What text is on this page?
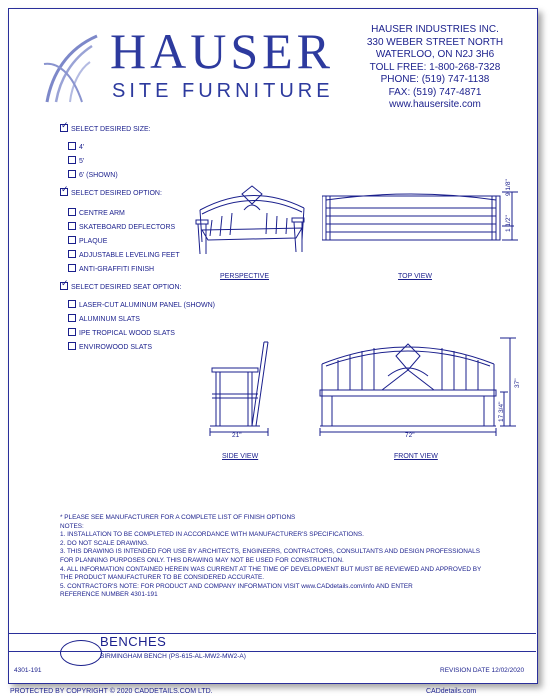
HAUSER
SITE FURNITURE
HAUSER INDUSTRIES INC.
330 WEBER STREET NORTH
WATERLOO, ON N2J 3H6
TOLL FREE: 1-800-268-7328
PHONE: (519) 747-1138
FAX: (519) 747-4871
www.hausersite.com
✓ SELECT DESIRED SIZE:
4'
5'
6' (SHOWN)
✓ SELECT DESIRED OPTION:
CENTRE ARM
SKATEBOARD DEFLECTORS
PLAQUE
ADJUSTABLE LEVELING FEET
ANTI-GRAFFITI FINISH
✓ SELECT DESIRED SEAT OPTION:
LASER-CUT ALUMINUM PANEL (SHOWN)
ALUMINUM SLATS
IPE TROPICAL WOOD SLATS
ENVIROWOOD SLATS
PERSPECTIVE
9 1/8"
1 1/2"
TOP VIEW
21"
SIDE VIEW
72"
37"
17 3/4"
FRONT VIEW
* PLEASE SEE MANUFACTURER FOR A COMPLETE LIST OF FINISH OPTIONS
NOTES:
1. INSTALLATION TO BE COMPLETED IN ACCORDANCE WITH MANUFACTURER'S SPECIFICATIONS.
2. DO NOT SCALE DRAWING.
3. THIS DRAWING IS INTENDED FOR USE BY ARCHITECTS, ENGINEERS, CONTRACTORS, CONSULTANTS AND DESIGN PROFESSIONALS
FOR PLANNING PURPOSES ONLY. THIS DRAWING MAY NOT BE USED FOR CONSTRUCTION.
4. ALL INFORMATION CONTAINED HEREIN WAS CURRENT AT THE TIME OF DEVELOPMENT BUT MUST BE REVIEWED AND APPROVED BY
THE PRODUCT MANUFACTURER TO BE CONSIDERED ACCURATE.
5. CONTRACTOR'S NOTE: FOR PRODUCT AND COMPANY INFORMATION VISIT www.CADdetails.com/info AND ENTER
REFERENCE NUMBER 4301-191
BENCHES
BIRMINGHAM BENCH (PS-615-AL-MW2-MW2-A)
4301-191	REVISION DATE 12/02/2020
PROTECTED BY COPYRIGHT © 2020 CADDETAILS.COM LTD.	CADdetails.com
